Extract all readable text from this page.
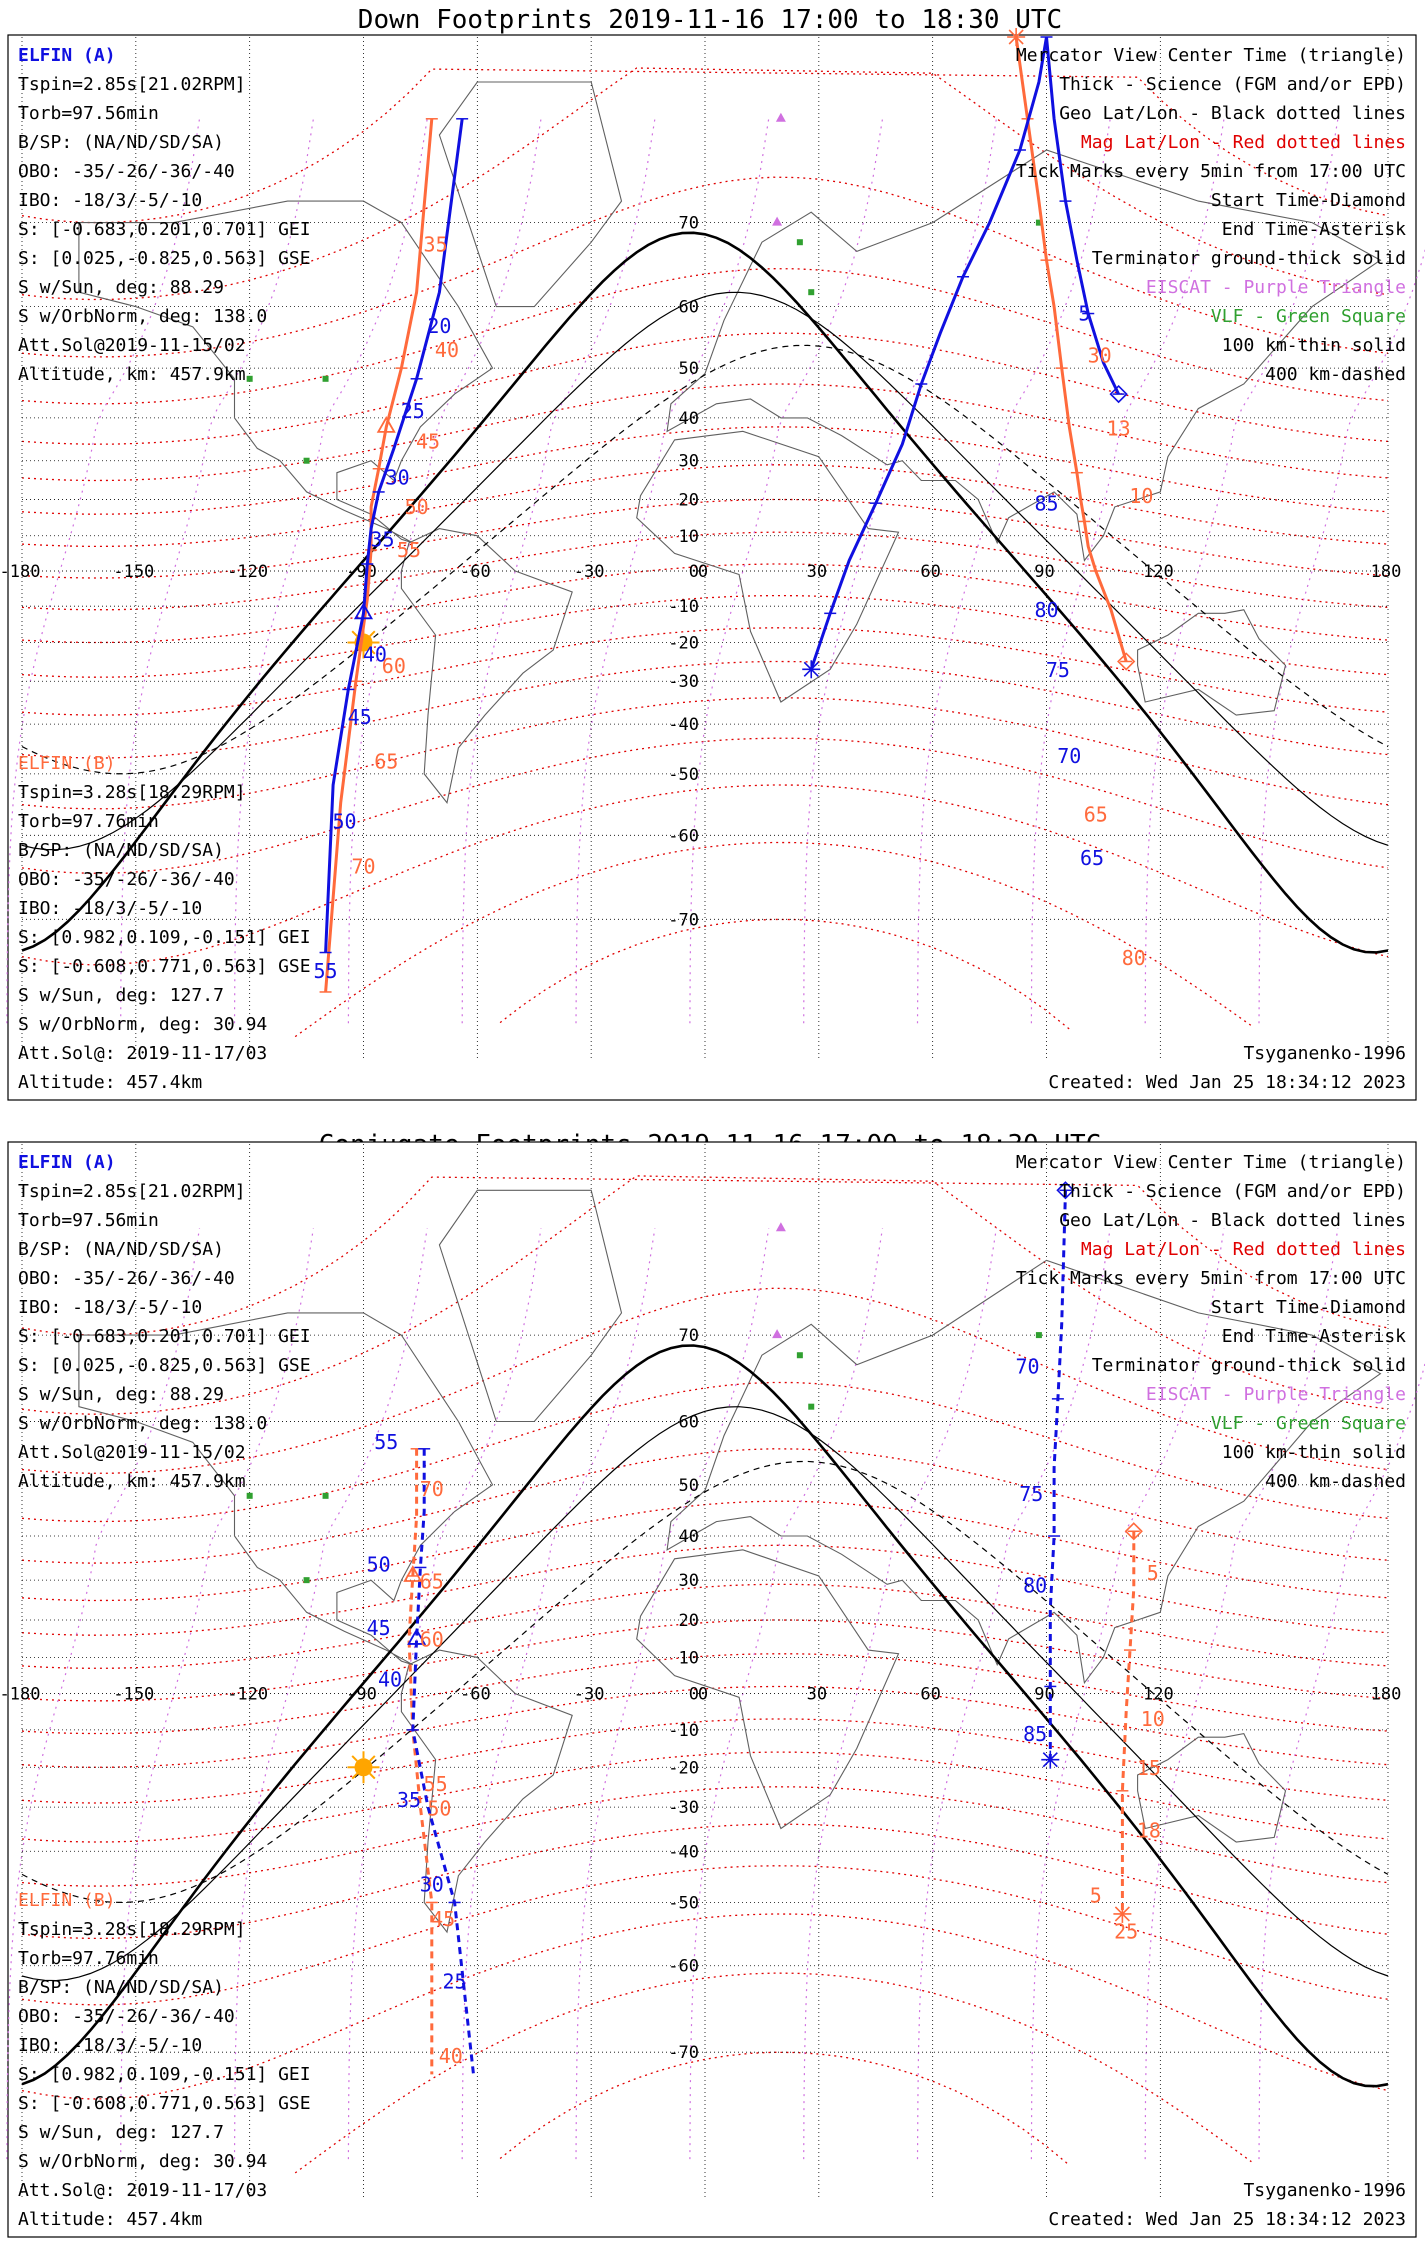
Down Footprints 2019-11-16 17:00 to 18:30 UTC
-180	-150	-120	-90	-60	-30	0	30	60	90	120	180
70
60
50
40
30
20
10
0
-10
-20
-30
-40
-50
-60
-70
5
85
80
75
70
65
30
13
10
65
80
20
25
30
35
40
45
50
55
35
40
45
50
55
60
65
70
ELFIN (A)
Tspin=2.85s[21.02RPM]
Torb=97.56min
B/SP: (NA/ND/SD/SA)
OBO: -35/-26/-36/-40
IBO: -18/3/-5/-10
S: [-0.683,0.201,0.701] GEI
S: [0.025,-0.825,0.563] GSE
S w/Sun, deg: 88.29
S w/OrbNorm, deg: 138.0
Att.Sol@2019-11-15/02
Altitude, km: 457.9km
ELFIN (B)
Tspin=3.28s[18.29RPM]
Torb=97.76min
B/SP: (NA/ND/SD/SA)
OBO: -35/-26/-36/-40
IBO: -18/3/-5/-10
S: [0.982,0.109,-0.151] GEI
S: [-0.608,0.771,0.563] GSE
S w/Sun, deg: 127.7
S w/OrbNorm, deg: 30.94
Att.Sol@: 2019-11-17/03
Altitude: 457.4km
Mercator View Center Time (triangle)
Thick - Science (FGM and/or EPD)
Geo Lat/Lon - Black dotted lines
Mag Lat/Lon - Red dotted lines
Tick Marks every 5min from 17:00 UTC
Start Time-Diamond
End Time-Asterisk
Terminator ground-thick solid
EISCAT - Purple Triangle
VLF - Green Square
100 km-thin solid
400 km-dashed
Tsyganenko-1996
Created: Wed Jan 25 18:34:12 2023
-180	-150	-120	-90	-60	-30	0	30	60	90	120	180
70
60
50
40
30
20
10
0
-10
-20
-30
-40
-50
-60
-70
70
75
80
85
5
10
15
18
5
25
55
50
45
40
35
30
25
70
65
60
55
50
45
40
ELFIN (A)
Tspin=2.85s[21.02RPM]
Torb=97.56min
B/SP: (NA/ND/SD/SA)
OBO: -35/-26/-36/-40
IBO: -18/3/-5/-10
S: [-0.683,0.201,0.701] GEI
S: [0.025,-0.825,0.563] GSE
S w/Sun, deg: 88.29
S w/OrbNorm, deg: 138.0
Att.Sol@2019-11-15/02
Altitude, km: 457.9km
ELFIN (B)
Tspin=3.28s[18.29RPM]
Torb=97.76min
B/SP: (NA/ND/SD/SA)
OBO: -35/-26/-36/-40
IBO: -18/3/-5/-10
S: [0.982,0.109,-0.151] GEI
S: [-0.608,0.771,0.563] GSE
S w/Sun, deg: 127.7
S w/OrbNorm, deg: 30.94
Att.Sol@: 2019-11-17/03
Altitude: 457.4km
Mercator View Center Time (triangle)
Thick - Science (FGM and/or EPD)
Geo Lat/Lon - Black dotted lines
Mag Lat/Lon - Red dotted lines
Tick Marks every 5min from 17:00 UTC
Start Time-Diamond
End Time-Asterisk
Terminator ground-thick solid
EISCAT - Purple Triangle
VLF - Green Square
100 km-thin solid
400 km-dashed
Tsyganenko-1996
Created: Wed Jan 25 18:34:12 2023
